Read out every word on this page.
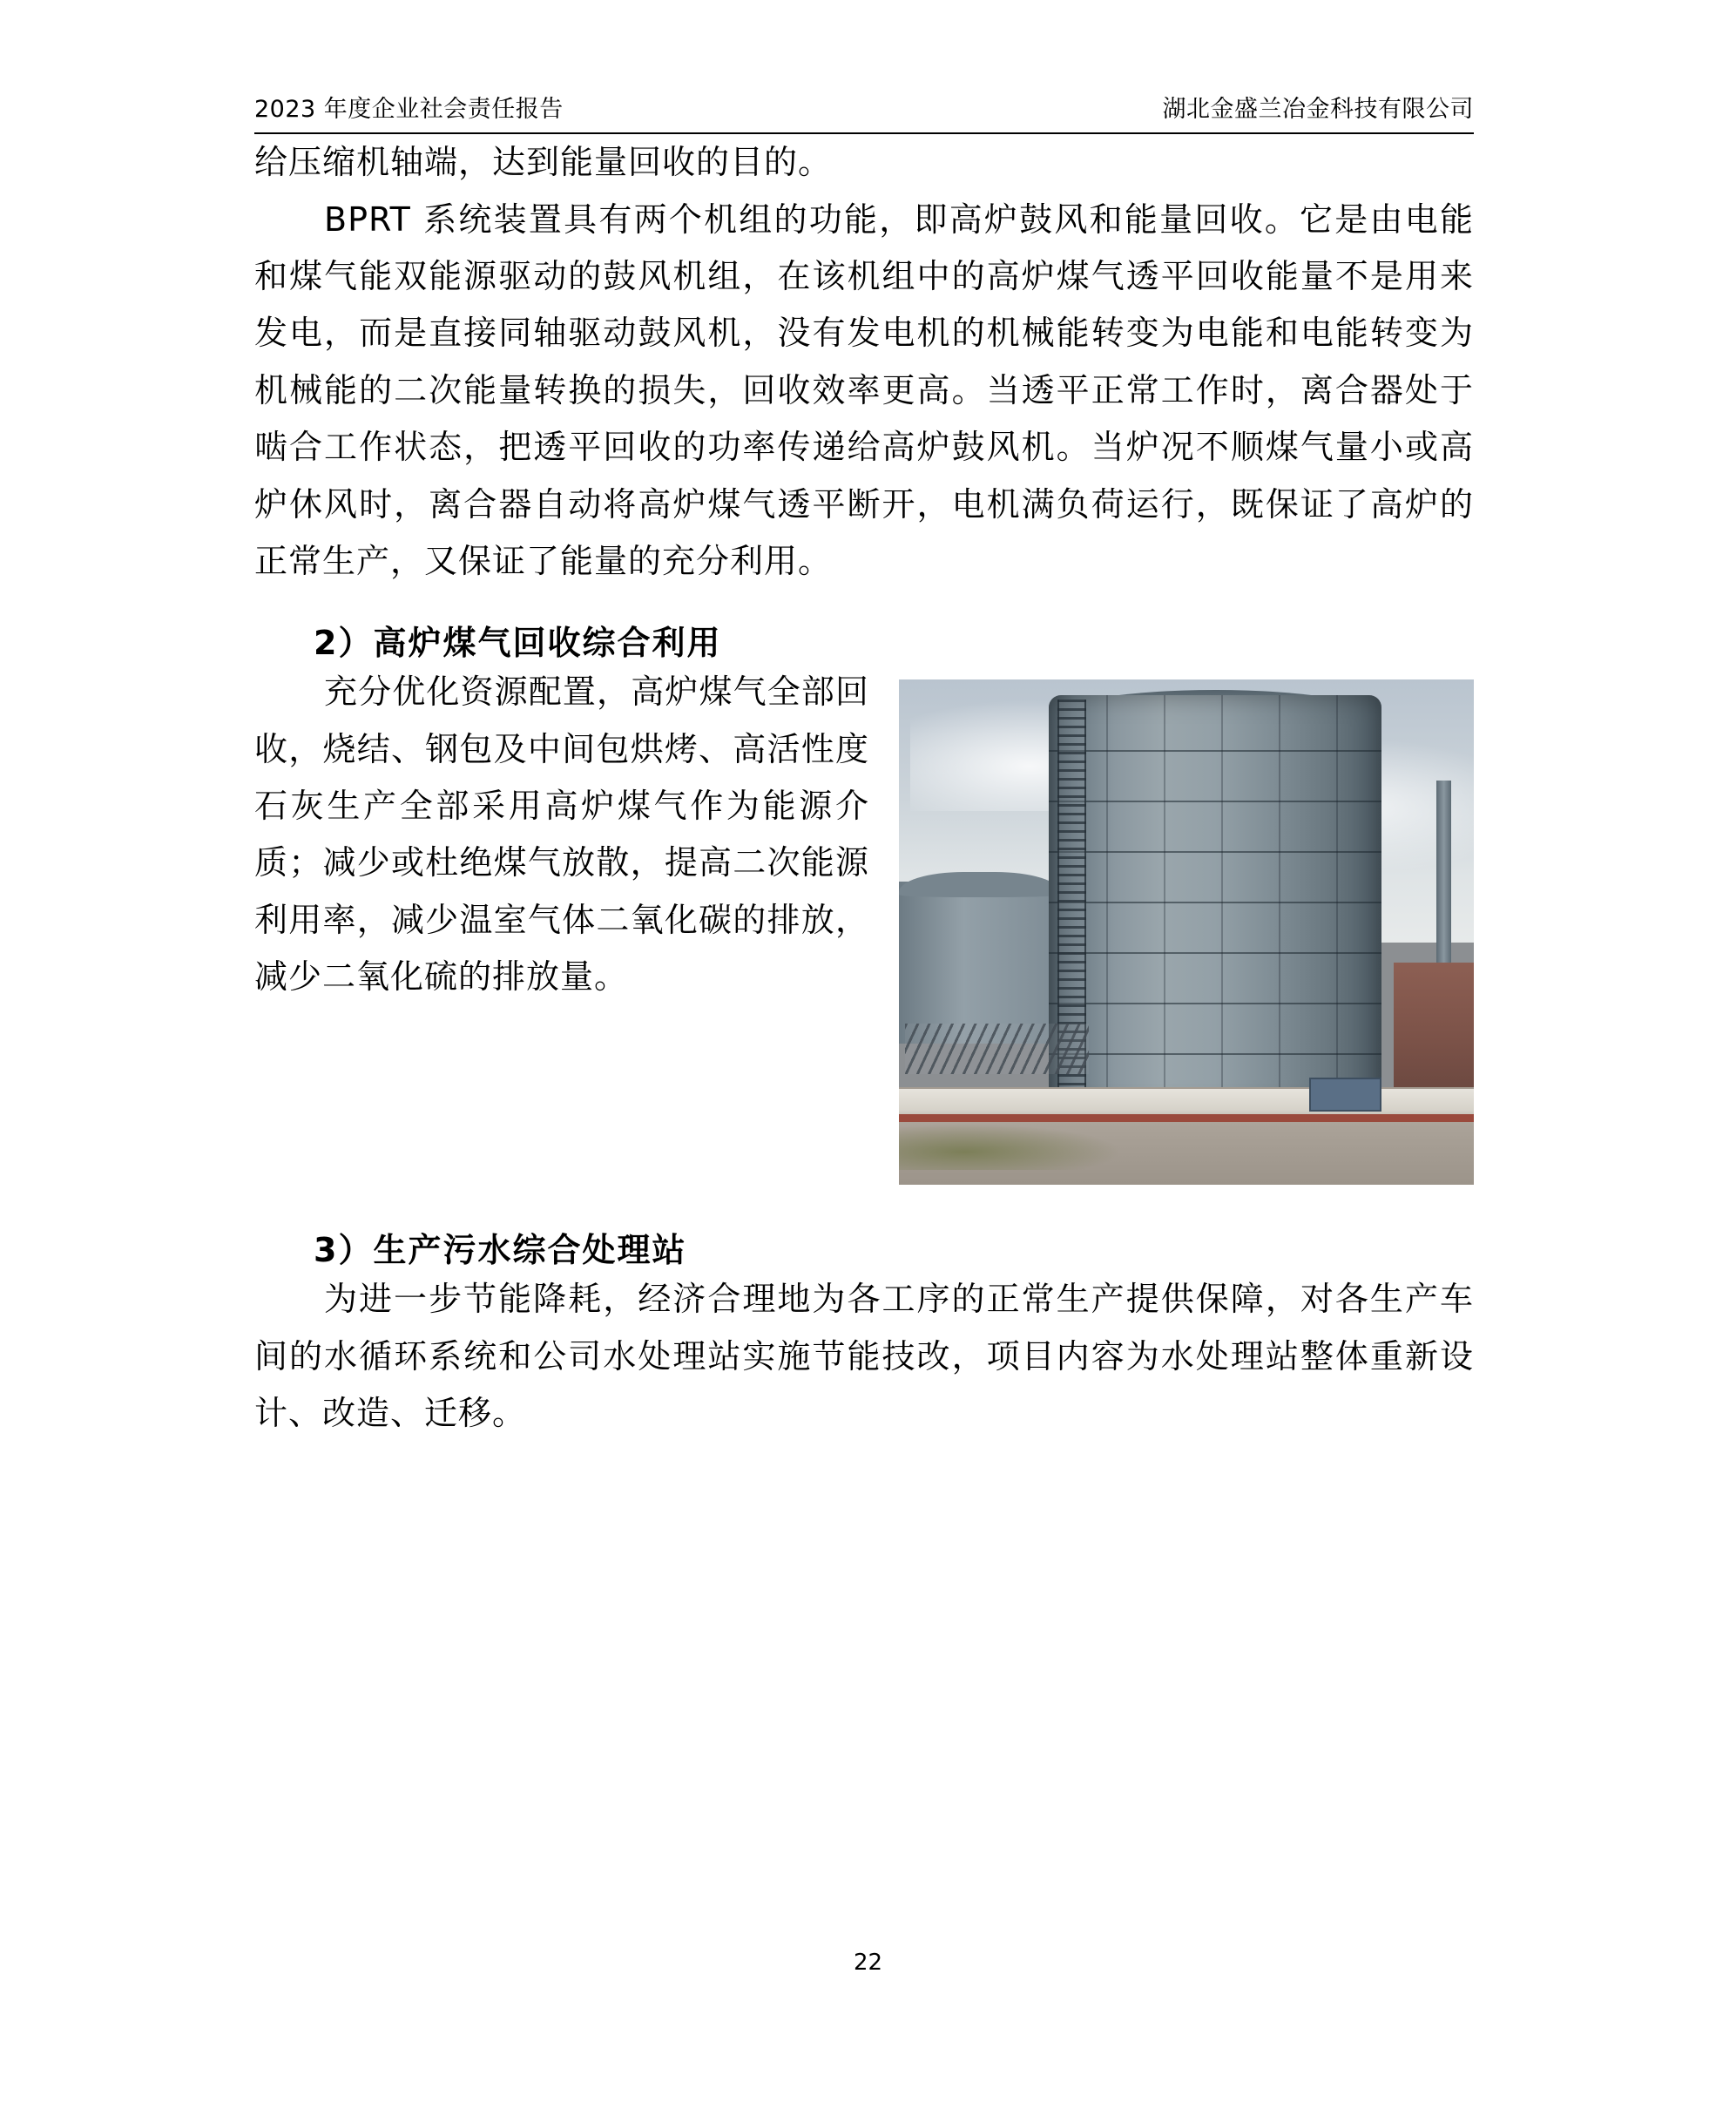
2023 年度企业社会责任报告	湖北金盛兰冶金科技有限公司
给压缩机轴端，达到能量回收的目的。
BPRT 系统装置具有两个机组的功能，即高炉鼓风和能量回收。它是由电能和煤气能双能源驱动的鼓风机组，在该机组中的高炉煤气透平回收能量不是用来发电，而是直接同轴驱动鼓风机，没有发电机的机械能转变为电能和电能转变为机械能的二次能量转换的损失，回收效率更高。当透平正常工作时，离合器处于啮合工作状态，把透平回收的功率传递给高炉鼓风机。当炉况不顺煤气量小或高炉休风时，离合器自动将高炉煤气透平断开，电机满负荷运行，既保证了高炉的正常生产，又保证了能量的充分利用。
2）高炉煤气回收综合利用
充分优化资源配置，高炉煤气全部回收，烧结、钢包及中间包烘烤、高活性度石灰生产全部采用高炉煤气作为能源介质；减少或杜绝煤气放散，提高二次能源利用率，减少温室气体二氧化碳的排放，减少二氧化硫的排放量。
3）生产污水综合处理站
为进一步节能降耗，经济合理地为各工序的正常生产提供保障，对各生产车间的水循环系统和公司水处理站实施节能技改，项目内容为水处理站整体重新设计、改造、迁移。
22
